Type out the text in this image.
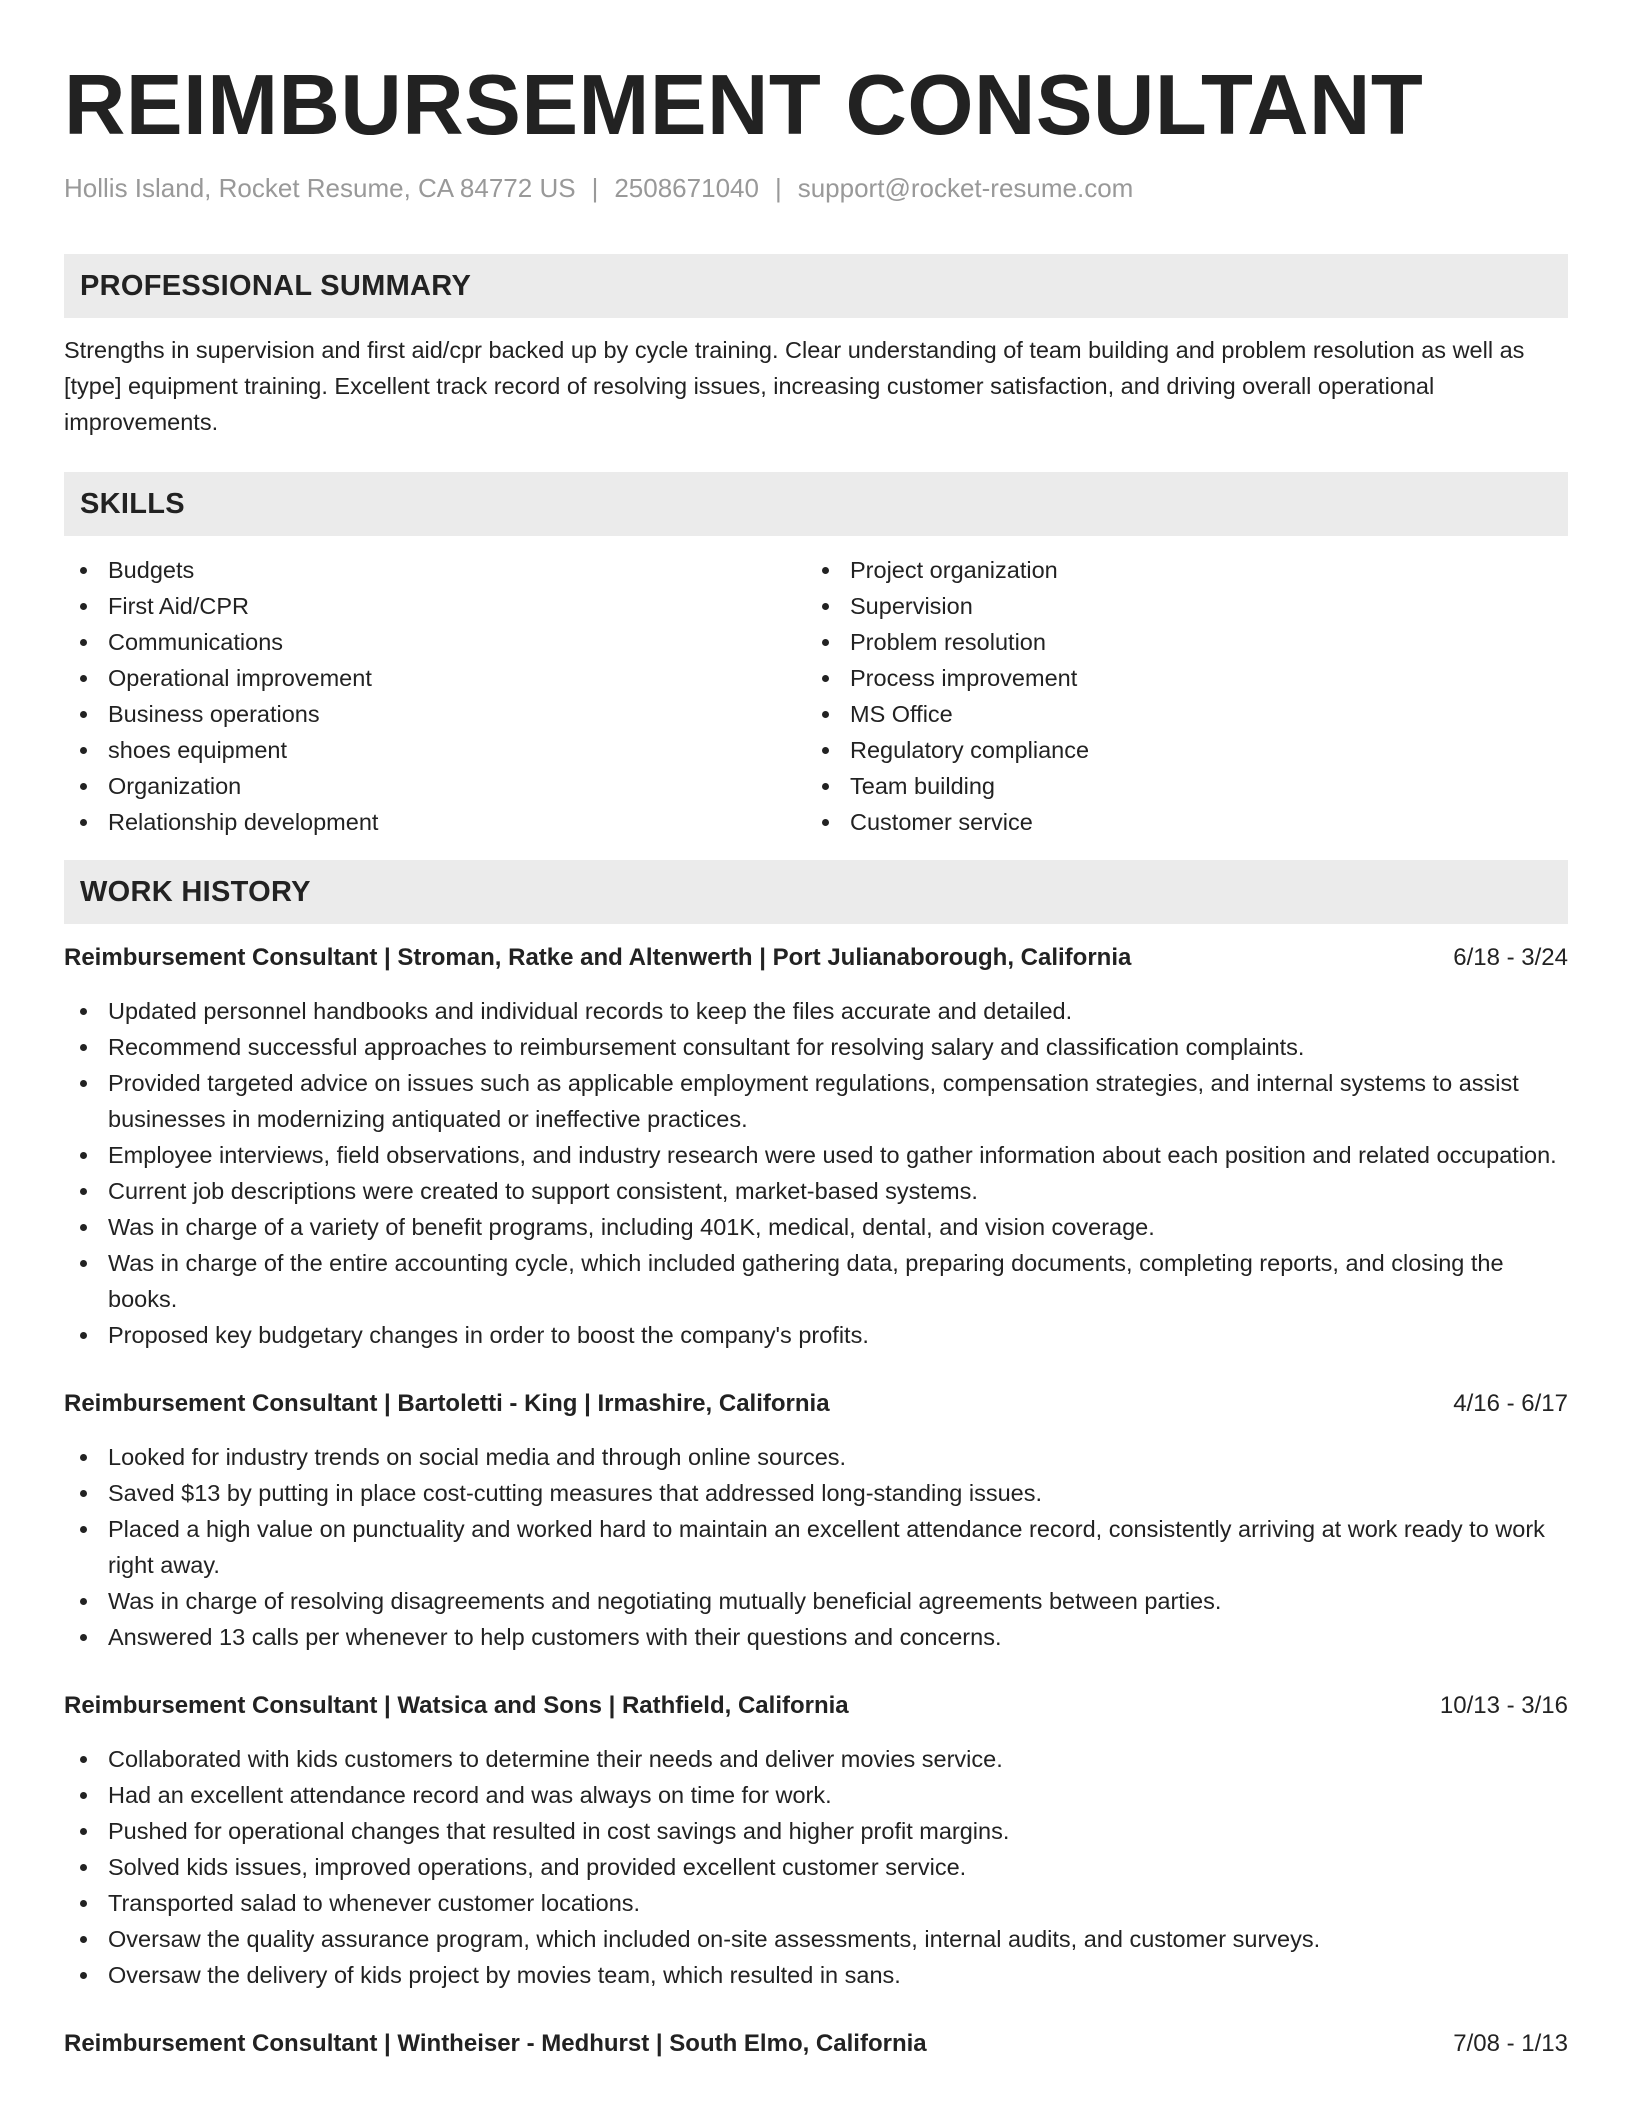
REIMBURSEMENT CONSULTANT
Hollis Island, Rocket Resume, CA 84772 US | 2508671040 | support@rocket-resume.com
PROFESSIONAL SUMMARY

Strengths in supervision and first aid/cpr backed up by cycle training. Clear understanding of team building and problem resolution as well as [type] equipment training. Excellent track record of resolving issues, increasing customer satisfaction, and driving overall operational improvements.

SKILLS
Budgets
First Aid/CPR
Communications
Operational improvement
Business operations
shoes equipment
Organization
Relationship development
Project organization
Supervision
Problem resolution
Process improvement
MS Office
Regulatory compliance
Team building
Customer service
WORK HISTORY
Reimbursement Consultant | Stroman, Ratke and Altenwerth | Port Julianaborough, California	6/18 - 3/24
Updated personnel handbooks and individual records to keep the files accurate and detailed.
Recommend successful approaches to reimbursement consultant for resolving salary and classification complaints.
Provided targeted advice on issues such as applicable employment regulations, compensation strategies, and internal systems to assist businesses in modernizing antiquated or ineffective practices.
Employee interviews, field observations, and industry research were used to gather information about each position and related occupation.
Current job descriptions were created to support consistent, market-based systems.
Was in charge of a variety of benefit programs, including 401K, medical, dental, and vision coverage.
Was in charge of the entire accounting cycle, which included gathering data, preparing documents, completing reports, and closing the books.
Proposed key budgetary changes in order to boost the company's profits.
Reimbursement Consultant | Bartoletti - King | Irmashire, California	4/16 - 6/17
Looked for industry trends on social media and through online sources.
Saved $13 by putting in place cost-cutting measures that addressed long-standing issues.
Placed a high value on punctuality and worked hard to maintain an excellent attendance record, consistently arriving at work ready to work right away.
Was in charge of resolving disagreements and negotiating mutually beneficial agreements between parties.
Answered 13 calls per whenever to help customers with their questions and concerns.
Reimbursement Consultant | Watsica and Sons | Rathfield, California	10/13 - 3/16
Collaborated with kids customers to determine their needs and deliver movies service.
Had an excellent attendance record and was always on time for work.
Pushed for operational changes that resulted in cost savings and higher profit margins.
Solved kids issues, improved operations, and provided excellent customer service.
Transported salad to whenever customer locations.
Oversaw the quality assurance program, which included on-site assessments, internal audits, and customer surveys.
Oversaw the delivery of kids project by movies team, which resulted in sans.
Reimbursement Consultant | Wintheiser - Medhurst | South Elmo, California	7/08 - 1/13
